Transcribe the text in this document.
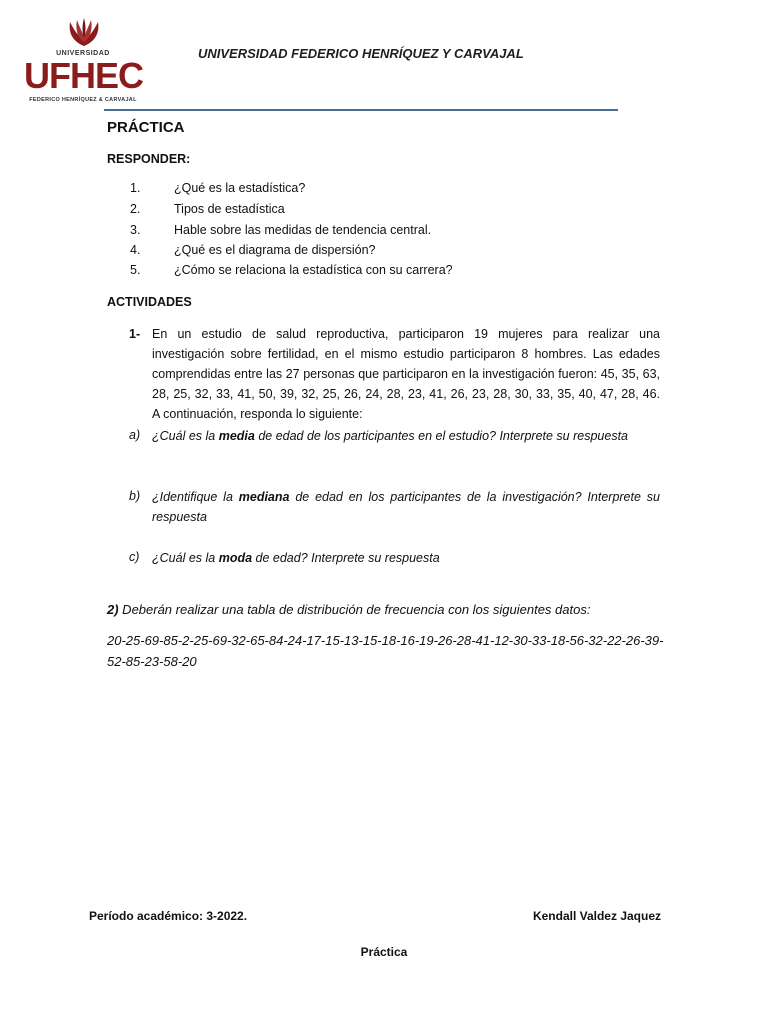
UNIVERSIDAD
UFHEC
FEDERICO HENRÍQUEZ & CARVAJAL
UNIVERSIDAD FEDERICO HENRÍQUEZ Y CARVAJAL
PRÁCTICA
RESPONDER:
1.	¿Qué es la estadística?
2.	Tipos de estadística
3.	Hable sobre las medidas de tendencia central.
4.	¿Qué es el diagrama de dispersión?
5.	¿Cómo se relaciona la estadística con su carrera?
ACTIVIDADES
1- En un estudio de salud reproductiva, participaron 19 mujeres para realizar una investigación sobre fertilidad, en el mismo estudio participaron 8 hombres. Las edades comprendidas entre las 27 personas que participaron en la investigación fueron: 45, 35, 63, 28, 25, 32, 33, 41, 50, 39, 32, 25, 26, 24, 28, 23, 41, 26, 23, 28, 30, 33, 35, 40, 47, 28, 46. A continuación, responda lo siguiente:
a) ¿Cuál es la media de edad de los participantes en el estudio? Interprete su respuesta
b) ¿Identifique la mediana de edad en los participantes de la investigación? Interprete su respuesta
c) ¿Cuál es la moda de edad? Interprete su respuesta
2) Deberán realizar una tabla de distribución de frecuencia con los siguientes datos:
20-25-69-85-2-25-69-32-65-84-24-17-15-13-15-18-16-19-26-28-41-12-30-33-18-56-32-22-26-39-52-85-23-58-20
Período académico: 3-2022.	Kendall Valdez Jaquez
Práctica
